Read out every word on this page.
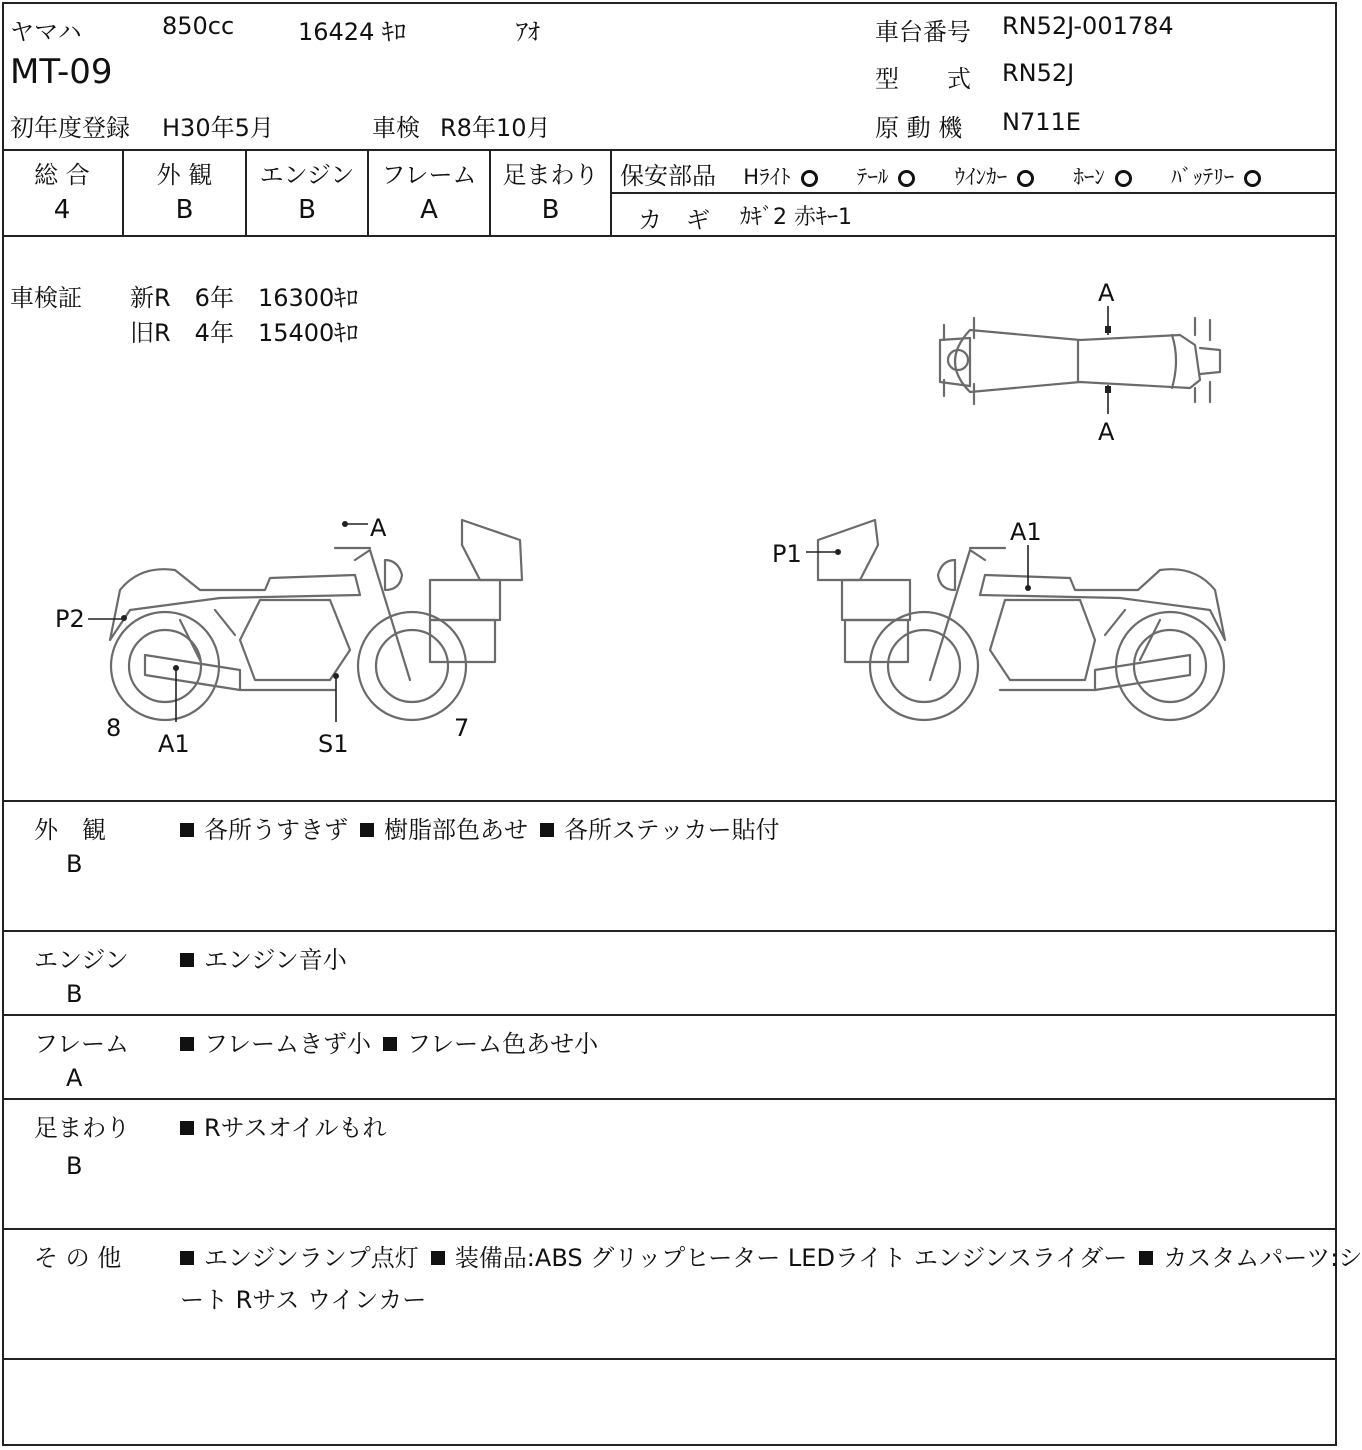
ヤマハ	850cc	16424 ｷﾛ	ｱｵ
MT-09
初年度登録 H30年5月	車検 R8年10月
車台番号 RN52J-001784
型　　式 RN52J
原 動 機 N711E
総 合
4
外 観
B
エンジン
B
フレーム
A
足まわり
B
保安部品 Hﾗｲﾄ	ﾃｰﾙ	ｳｲﾝｶｰ	ﾎｰﾝ	ﾊﾞｯﾃﾘｰ
カ　ギ ｶｷﾞ2 赤ｷｰ1
車検証 新R　6年　16300ｷﾛ
旧R　4年　15400ｷﾛ
A
A
A
P2
A1	S1
8	7
P1
A1
外　観
B
各所うすきず 樹脂部色あせ 各所ステッカー貼付
エンジン
B
エンジン音小
フレーム
A
フレームきず小 フレーム色あせ小
足まわり
B
Rサスオイルもれ
そ の 他	エンジンランプ点灯 装備品:ABS グリップヒーター LEDライト エンジンスライダー カスタムパーツ:シ
ート Rサス ウインカー
